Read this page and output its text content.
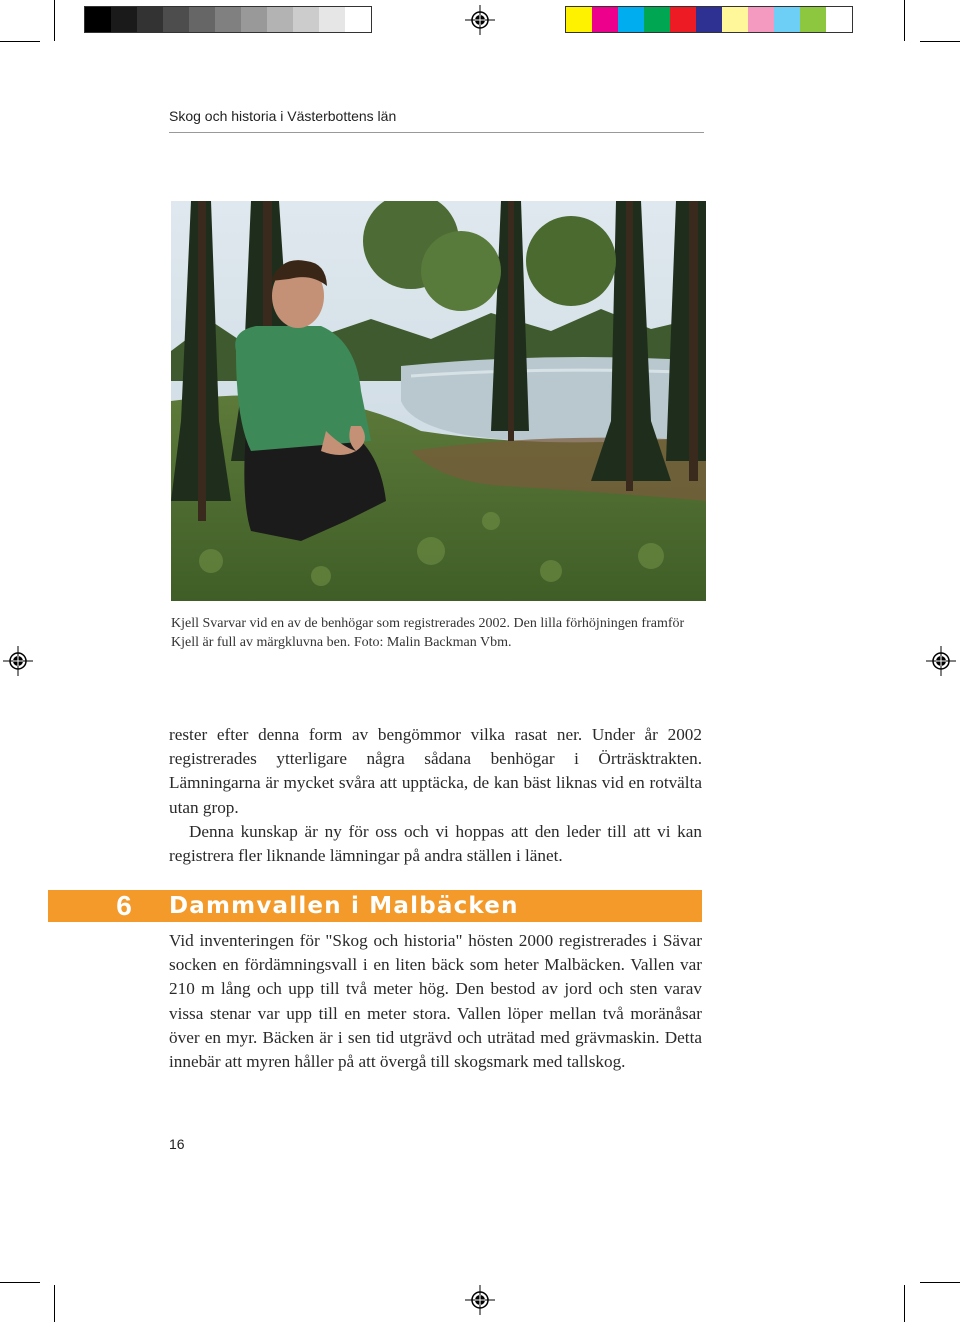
Skog och historia i Västerbottens län
Kjell Svarvar vid en av de benhögar som registrerades 2002. Den lilla förhöjningen framför Kjell är full av märgkluvna ben. Foto: Malin Backman Vbm.

rester efter denna form av bengömmor vilka rasat ner. Under år 2002 registrerades ytterligare några sådana benhögar i Örträsktrakten. Lämningarna är mycket svåra att upptäcka, de kan bäst liknas vid en rotvälta utan grop.

Denna kunskap är ny för oss och vi hoppas att den leder till att vi kan registrera fler liknande lämningar på andra ställen i länet.

6 Dammvallen i Malbäcken

Vid inventeringen för "Skog och historia" hösten 2000 registrerades i Sävar socken en fördämningsvall i en liten bäck som heter Malbäcken. Vallen var 210 m lång och upp till två meter hög. Den bestod av jord och sten varav vissa stenar var upp till en meter stora. Vallen löper mellan två moränåsar över en myr. Bäcken är i sen tid utgrävd och uträtad med grävmaskin. Detta innebär att myren håller på att övergå till skogsmark med tallskog.

16
